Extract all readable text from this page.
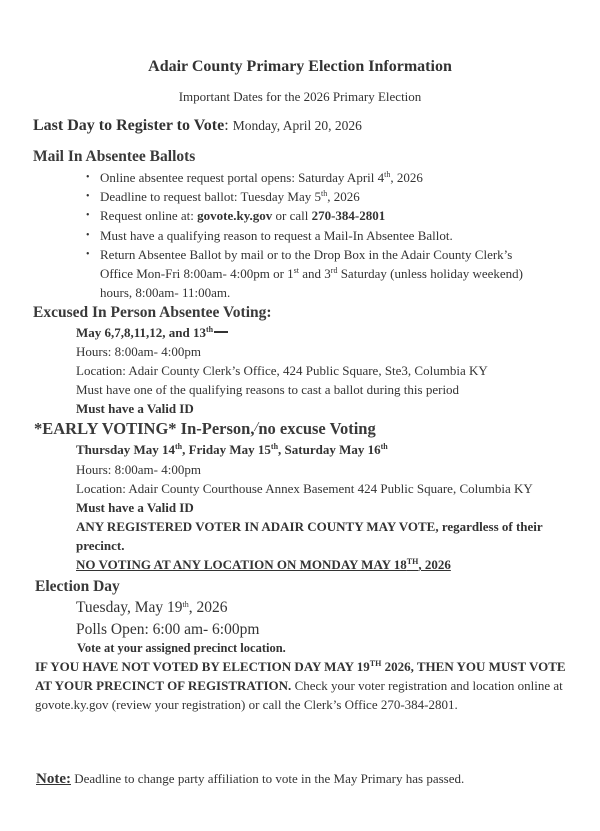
Adair County Primary Election Information
Important Dates for the 2026 Primary Election
Last Day to Register to Vote: Monday, April 20, 2026
Mail In Absentee Ballots
• Online absentee request portal opens: Saturday April 4th, 2026
• Deadline to request ballot: Tuesday May 5th, 2026
• Request online at: govote.ky.gov or call 270-384-2801
• Must have a qualifying reason to request a Mail-In Absentee Ballot.
• Return Absentee Ballot by mail or to the Drop Box in the Adair County Clerk’s
Office Mon-Fri 8:00am- 4:00pm or 1st and 3rd Saturday (unless holiday weekend)
hours, 8:00am- 11:00am.
Excused In Person Absentee Voting:
May 6,7,8,11,12, and 13th
Hours: 8:00am- 4:00pm
Location: Adair County Clerk’s Office, 424 Public Square, Ste3, Columbia KY
Must have one of the qualifying reasons to cast a ballot during this period
Must have a Valid ID
*EARLY VOTING* In-Person,/no excuse Voting
Thursday May 14th, Friday May 15th, Saturday May 16th
Hours: 8:00am- 4:00pm
Location: Adair County Courthouse Annex Basement 424 Public Square, Columbia KY
Must have a Valid ID
ANY REGISTERED VOTER IN ADAIR COUNTY MAY VOTE, regardless of their
precinct.
NO VOTING AT ANY LOCATION ON MONDAY MAY 18TH, 2026
Election Day
Tuesday, May 19th, 2026
Polls Open: 6:00 am- 6:00pm
Vote at your assigned precinct location.
IF YOU HAVE NOT VOTED BY ELECTION DAY MAY 19TH 2026, THEN YOU MUST VOTE AT YOUR PRECINCT OF REGISTRATION. Check your voter registration and location online at govote.ky.gov (review your registration) or call the Clerk’s Office 270-384-2801.
Note: Deadline to change party affiliation to vote in the May Primary has passed.
